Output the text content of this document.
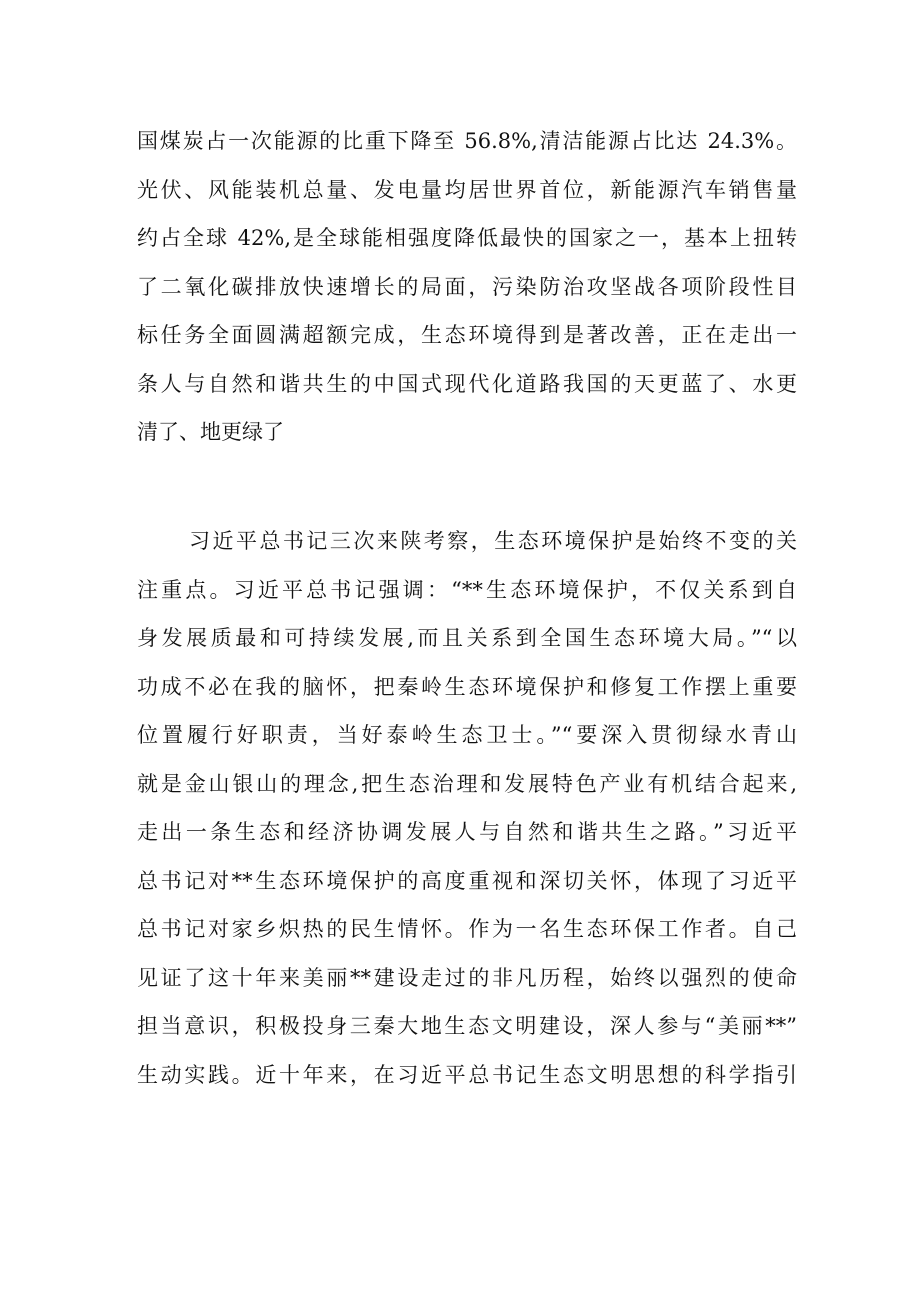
国煤炭占一次能源的比重下降至 56.8%,清洁能源占比达 24.3%。
光伏、风能装机总量、发电量均居世界首位，新能源汽车销售量
约占全球 42%,是全球能相强度降低最快的国家之一，基本上扭转
了二氧化碳排放快速增长的局面，污染防治攻坚战各项阶段性目
标任务全面圆满超额完成，生态环境得到是著改善，正在走出一
条人与自然和谐共生的中国式现代化道路我国的天更蓝了、水更
清了、地更绿了
习近平总书记三次来陕考察，生态环境保护是始终不变的关
注重点。习近平总书记强调：“**生态环境保护，不仅关系到自
身发展质最和可持续发展,而且关系到全国生态环境大局。”“以
功成不必在我的脑怀，把秦岭生态环境保护和修复工作摆上重要
位置履行好职责，当好泰岭生态卫士。”“要深入贯彻绿水青山
就是金山银山的理念,把生态治理和发展特色产业有机结合起来,
走出一条生态和经济协调发展人与自然和谐共生之路。”习近平
总书记对**生态环境保护的高度重视和深切关怀，体现了习近平
总书记对家乡炽热的民生情怀。作为一名生态环保工作者。自己
见证了这十年来美丽**建设走过的非凡历程，始终以强烈的使命
担当意识，积极投身三秦大地生态文明建设，深人参与“美丽**”
生动实践。近十年来，在习近平总书记生态文明思想的科学指引
